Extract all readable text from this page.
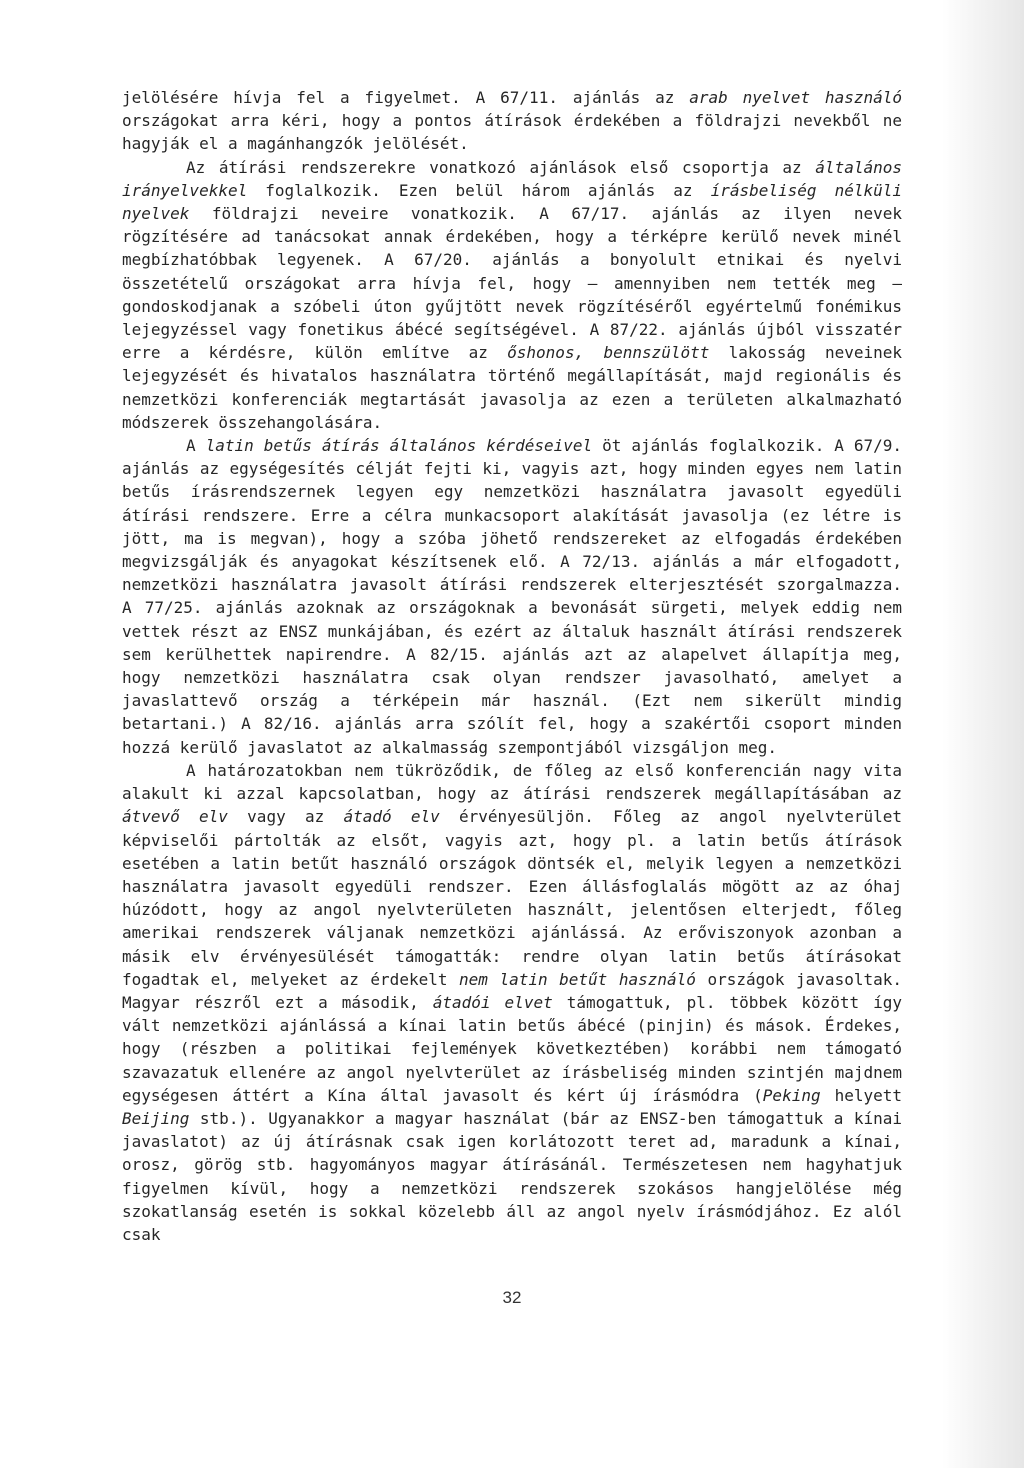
jelölésére hívja fel a figyelmet. A 67/11. ajánlás az arab nyelvet használó országokat arra kéri, hogy a pontos átírások érdekében a földrajzi nevekből ne hagyják el a magánhangzók jelölését.

Az átírási rendszerekre vonatkozó ajánlások első csoportja az általános irányelvekkel foglalkozik. Ezen belül három ajánlás az írásbeliség nélküli nyelvek földrajzi neveire vonatkozik. A 67/17. ajánlás az ilyen nevek rögzítésére ad tanácsokat annak érdekében, hogy a térképre kerülő nevek minél megbízhatóbbak legyenek. A 67/20. ajánlás a bonyolult etnikai és nyelvi összetételű országokat arra hívja fel, hogy – amennyiben nem tették meg – gondoskodjanak a szóbeli úton gyűjtött nevek rögzítéséről egyértelmű fonémikus lejegyzéssel vagy fonetikus ábécé segítségével. A 87/22. ajánlás újból visszatér erre a kérdésre, külön említve az őshonos, bennszülött lakosság neveinek lejegyzését és hivatalos használatra történő megállapítását, majd regionális és nemzetközi konferenciák megtartását javasolja az ezen a területen alkalmazható módszerek összehangolására.

A latin betűs átírás általános kérdéseivel öt ajánlás foglalkozik. A 67/9. ajánlás az egységesítés célját fejti ki, vagyis azt, hogy minden egyes nem latin betűs írásrendszernek legyen egy nemzetközi használatra javasolt egyedüli átírási rendszere. Erre a célra munkacsoport alakítását javasolja (ez létre is jött, ma is megvan), hogy a szóba jöhető rendszereket az elfogadás érdekében megvizsgálják és anyagokat készítsenek elő. A 72/13. ajánlás a már elfogadott, nemzetközi használatra javasolt átírási rendszerek elterjesztését szorgalmazza. A 77/25. ajánlás azoknak az országoknak a bevonását sürgeti, melyek eddig nem vettek részt az ENSZ munkájában, és ezért az általuk használt átírási rendszerek sem kerülhettek napirendre. A 82/15. ajánlás azt az alapelvet állapítja meg, hogy nemzetközi használatra csak olyan rendszer javasolható, amelyet a javaslattevő ország a térképein már használ. (Ezt nem sikerült mindig betartani.) A 82/16. ajánlás arra szólít fel, hogy a szakértői csoport minden hozzá kerülő javaslatot az alkalmasság szempontjából vizsgáljon meg.

A határozatokban nem tükröződik, de főleg az első konferencián nagy vita alakult ki azzal kapcsolatban, hogy az átírási rendszerek megállapításában az átvevő elv vagy az átadó elv érvényesüljön. Főleg az angol nyelvterület képviselői pártolták az elsőt, vagyis azt, hogy pl. a latin betűs átírások esetében a latin betűt használó országok döntsék el, melyik legyen a nemzetközi használatra javasolt egyedüli rendszer. Ezen állásfoglalás mögött az az óhaj húzódott, hogy az angol nyelvterületen használt, jelentősen elterjedt, főleg amerikai rendszerek váljanak nemzetközi ajánlássá. Az erőviszonyok azonban a másik elv érvényesülését támogatták: rendre olyan latin betűs átírásokat fogadtak el, melyeket az érdekelt nem latin betűt használó országok javasoltak. Magyar részről ezt a második, átadói elvet támogattuk, pl. többek között így vált nemzetközi ajánlássá a kínai latin betűs ábécé (pinjin) és mások. Érdekes, hogy (részben a politikai fejlemények következtében) korábbi nem támogató szavazatuk ellenére az angol nyelvterület az írásbeliség minden szintjén majdnem egységesen áttért a Kína által javasolt és kért új írásmódra (Peking helyett Beijing stb.). Ugyanakkor a magyar használat (bár az ENSZ-ben támogattuk a kínai javaslatot) az új átírásnak csak igen korlátozott teret ad, maradunk a kínai, orosz, görög stb. hagyományos magyar átírásánál. Természetesen nem hagyhatjuk figyelmen kívül, hogy a nemzetközi rendszerek szokásos hangjelölése még szokatlanság esetén is sokkal közelebb áll az angol nyelv írásmódjához. Ez alól csak

32
